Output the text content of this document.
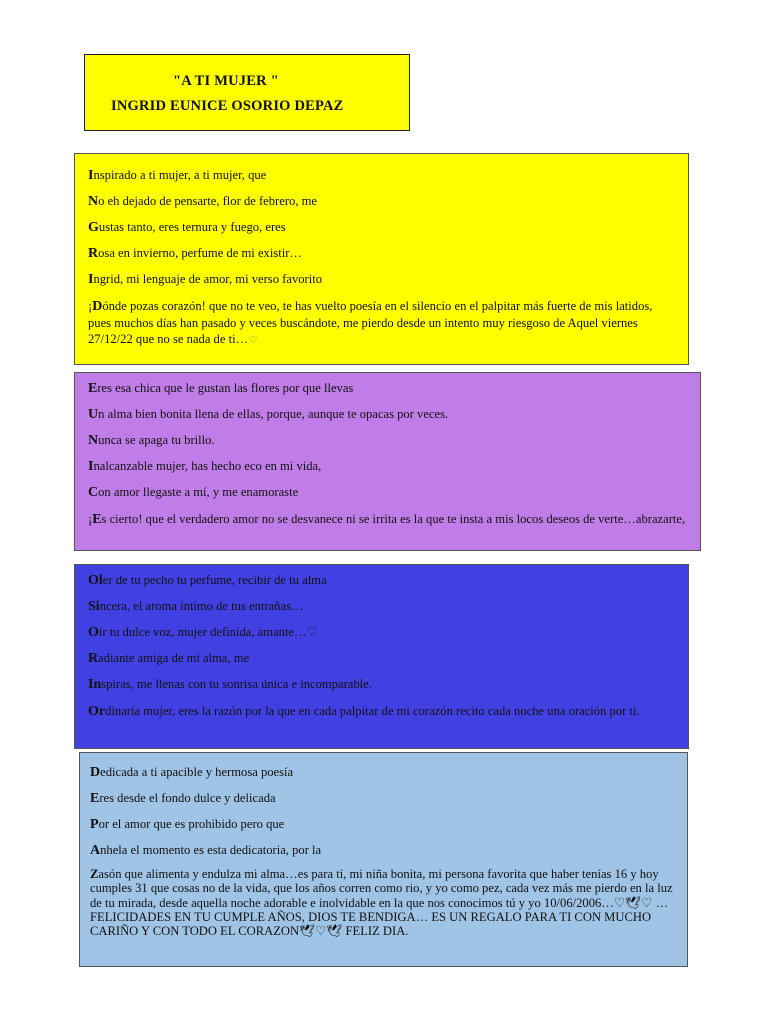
"A TI MUJER "
INGRID EUNICE OSORIO DEPAZ

Inspirado a ti mujer, a ti mujer, que

No eh dejado de pensarte, flor de febrero, me

Gustas tanto, eres ternura y fuego, eres

Rosa en invierno, perfume de mi existir…

Ingrid, mi lenguaje de amor, mi verso favorito

¡Dónde pozas corazón! que no te veo, te has vuelto poesía en el silencio en el palpitar más fuerte de mis latidos, pues muchos días han pasado y veces buscándote, me pierdo desde un intento muy riesgoso de Aquel viernes 27/12/22 que no se nada de ti…♡

Eres esa chica que le gustan las flores por que llevas

Un alma bien bonita llena de ellas, porque, aunque te opacas por veces.

Nunca se apaga tu brillo.

Inalcanzable mujer, has hecho eco en mi vida,

Con amor llegaste a mí, y me enamoraste

¡Es cierto! que el verdadero amor no se desvanece ni se irrita es la que te insta a mis locos deseos de verte…abrazarte,

Oler de tu pecho tu perfume, recibir de tu alma

Sincera, el aroma íntimo de tus entrañas…

Oír tu dulce voz, mujer definida, amante…♡

Radiante amiga de mi alma, me

Inspiras, me llenas con tu sonrisa única e incomparable.

Ordinaria mujer, eres la razón por la que en cada palpitar de mi corazón recito cada noche una oración por ti.

Dedicada a ti apacible y hermosa poesía

Eres desde el fondo dulce y delicada

Por el amor que es prohibido pero que

Anhela el momento es esta dedicatoria, por la

Zasón que alimenta y endulza mi alma…es para ti, mi niña bonita, mi persona favorita que haber tenías 16 y hoy cumples 31 que cosas no de la vida, que los años corren como rio, y yo como pez, cada vez más me pierdo en la luz de tu mirada, desde aquella noche adorable e inolvidable en la que nos conocimos tú y yo 10/06/2006…♡🕊♡ …FELICIDADES EN TU CUMPLE AÑOS, DIOS TE BENDIGA… ES UN REGALO PARA TI CON MUCHO CARIÑO Y CON TODO EL CORAZON🕊♡🕊 FELIZ DIA.
